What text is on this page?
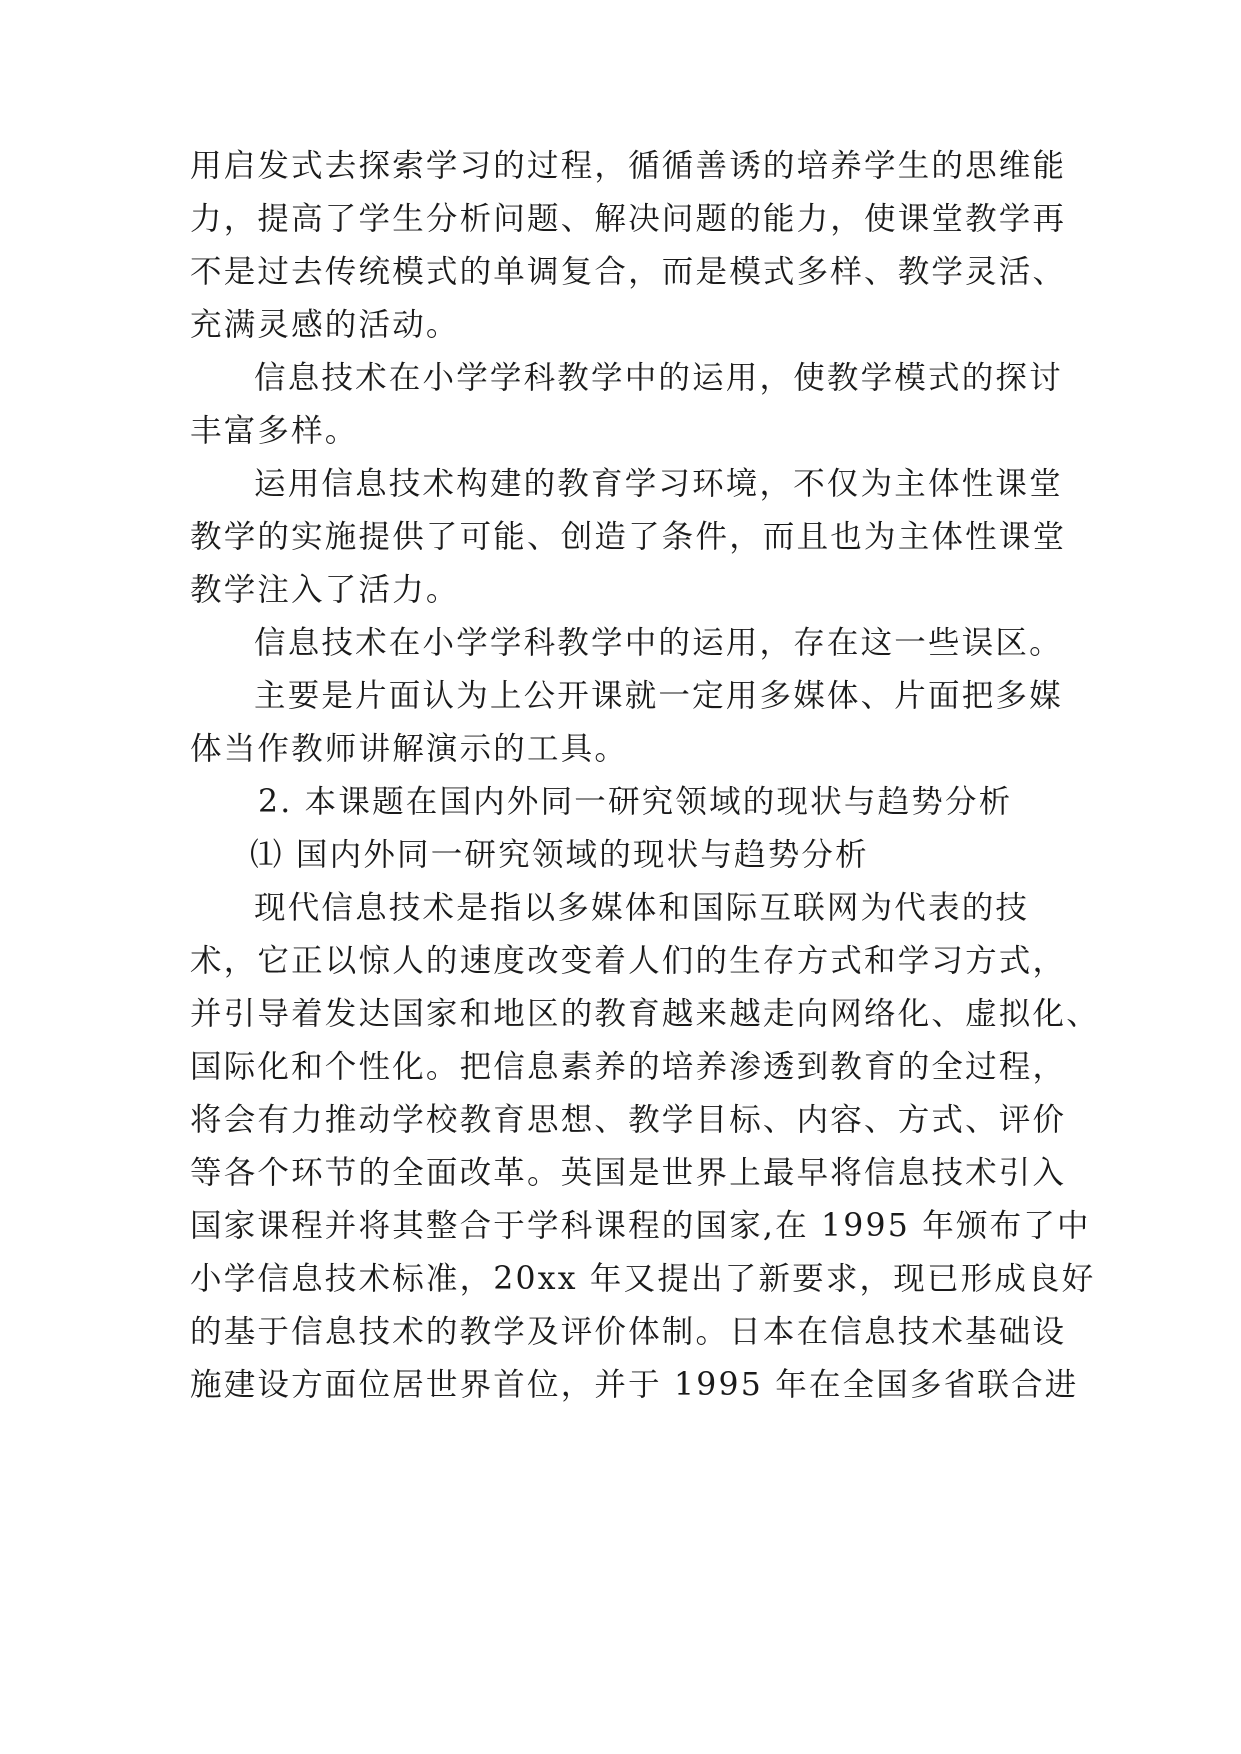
用启发式去探索学习的过程，循循善诱的培养学生的思维能
力，提高了学生分析问题、解决问题的能力，使课堂教学再
不是过去传统模式的单调复合，而是模式多样、教学灵活、
充满灵感的活动。
信息技术在小学学科教学中的运用，使教学模式的探讨
丰富多样。
运用信息技术构建的教育学习环境，不仅为主体性课堂
教学的实施提供了可能、创造了条件，而且也为主体性课堂
教学注入了活力。
信息技术在小学学科教学中的运用，存在这一些误区。
主要是片面认为上公开课就一定用多媒体、片面把多媒
体当作教师讲解演示的工具。
2. 本课题在国内外同一研究领域的现状与趋势分析
⑴ 国内外同一研究领域的现状与趋势分析
现代信息技术是指以多媒体和国际互联网为代表的技
术，它正以惊人的速度改变着人们的生存方式和学习方式，
并引导着发达国家和地区的教育越来越走向网络化、虚拟化、
国际化和个性化。把信息素养的培养渗透到教育的全过程，
将会有力推动学校教育思想、教学目标、内容、方式、评价
等各个环节的全面改革。英国是世界上最早将信息技术引入
国家课程并将其整合于学科课程的国家,在 1995 年颁布了中
小学信息技术标准，20xx 年又提出了新要求，现已形成良好
的基于信息技术的教学及评价体制。日本在信息技术基础设
施建设方面位居世界首位，并于 1995 年在全国多省联合进
